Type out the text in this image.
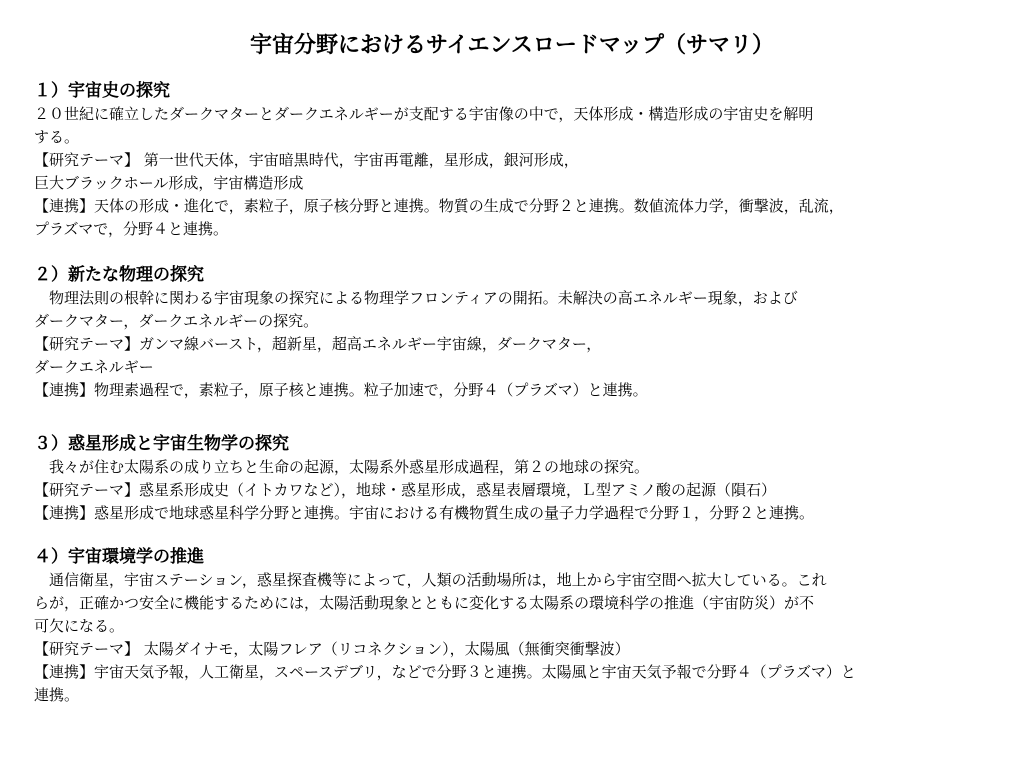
宇宙分野におけるサイエンスロードマップ（サマリ）
１）宇宙史の探究

２０世紀に確立したダークマターとダークエネルギーが支配する宇宙像の中で，天体形成・構造形成の宇宙史を解明

する。

【研究テーマ】 第一世代天体，宇宙暗黒時代，宇宙再電離，星形成，銀河形成，

巨大ブラックホール形成，宇宙構造形成

【連携】天体の形成・進化で，素粒子，原子核分野と連携。物質の生成で分野２と連携。数値流体力学，衝撃波，乱流，

プラズマで，分野４と連携。

２）新たな物理の探究

物理法則の根幹に関わる宇宙現象の探究による物理学フロンティアの開拓。未解決の高エネルギー現象，および

ダークマター，ダークエネルギーの探究。

【研究テーマ】ガンマ線バースト，超新星，超高エネルギー宇宙線，ダークマター，

ダークエネルギー

【連携】物理素過程で，素粒子，原子核と連携。粒子加速で，分野４（プラズマ）と連携。

３）惑星形成と宇宙生物学の探究

我々が住む太陽系の成り立ちと生命の起源，太陽系外惑星形成過程，第２の地球の探究。

【研究テーマ】惑星系形成史（イトカワなど），地球・惑星形成，惑星表層環境，Ｌ型アミノ酸の起源（隕石）

【連携】惑星形成で地球惑星科学分野と連携。宇宙における有機物質生成の量子力学過程で分野１，分野２と連携。

４）宇宙環境学の推進

通信衛星，宇宙ステーション，惑星探査機等によって，人類の活動場所は，地上から宇宙空間へ拡大している。これ

らが，正確かつ安全に機能するためには，太陽活動現象とともに変化する太陽系の環境科学の推進（宇宙防災）が不

可欠になる。

【研究テーマ】 太陽ダイナモ，太陽フレア（リコネクション），太陽風（無衝突衝撃波）

【連携】宇宙天気予報，人工衛星，スペースデブリ，などで分野３と連携。太陽風と宇宙天気予報で分野４（プラズマ）と

連携。
